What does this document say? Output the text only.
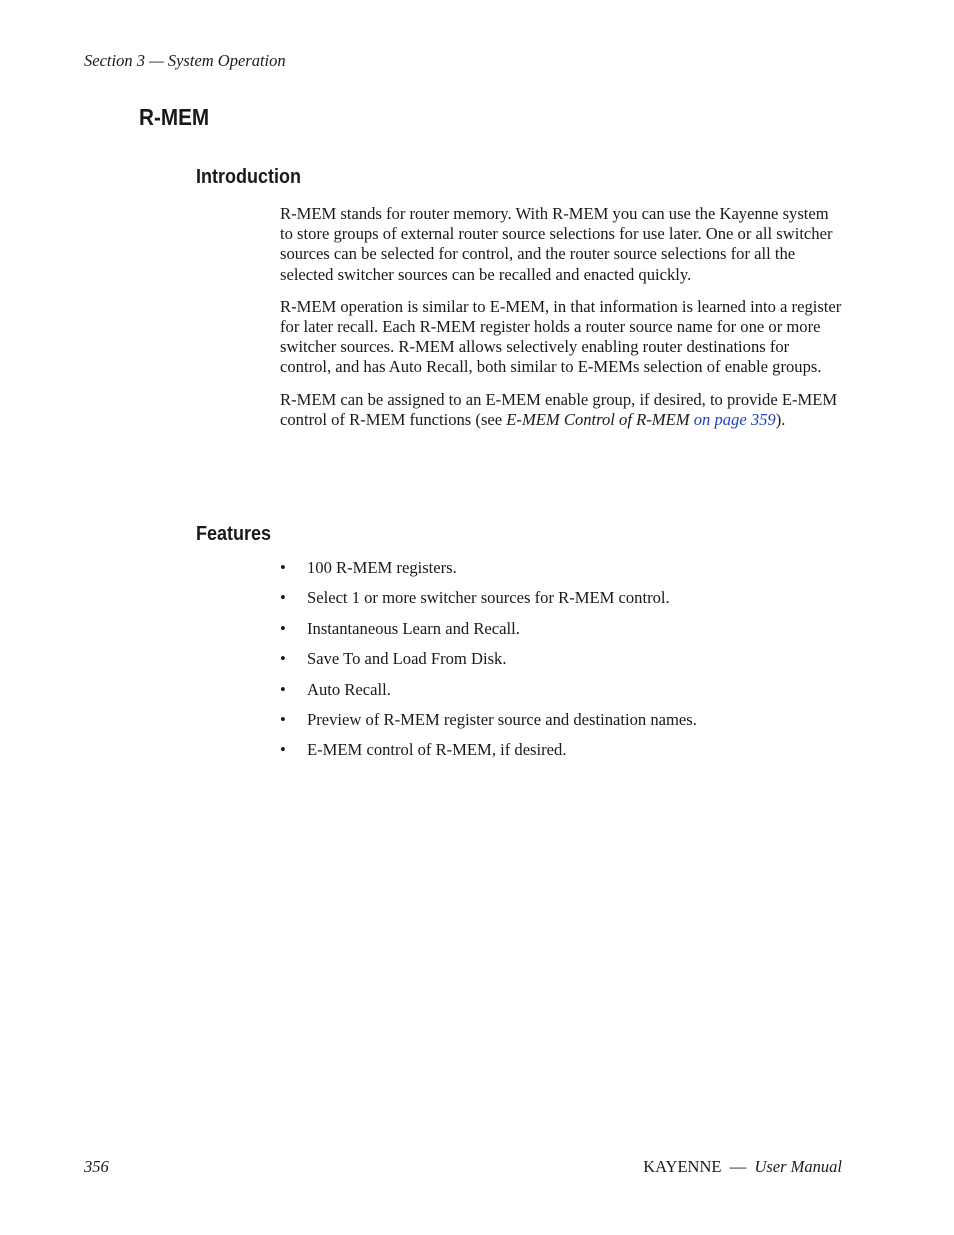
Section 3 — System Operation
R-MEM
Introduction

R-MEM stands for router memory. With R-MEM you can use the Kayenne system to store groups of external router source selections for use later. One or all switcher sources can be selected for control, and the router source selections for all the selected switcher sources can be recalled and enacted quickly.

R-MEM operation is similar to E-MEM, in that information is learned into a register for later recall. Each R-MEM register holds a router source name for one or more switcher sources. R-MEM allows selectively enabling router destinations for control, and has Auto Recall, both similar to E-MEMs selection of enable groups.

R-MEM can be assigned to an E-MEM enable group, if desired, to provide E-MEM control of R-MEM functions (see E-MEM Control of R-MEM on page 359).

Features
• 100 R-MEM registers.
• Select 1 or more switcher sources for R-MEM control.
• Instantaneous Learn and Recall.
• Save To and Load From Disk.
• Auto Recall.
• Preview of R-MEM register source and destination names.
• E-MEM control of R-MEM, if desired.
356	KAYENNE — User Manual
